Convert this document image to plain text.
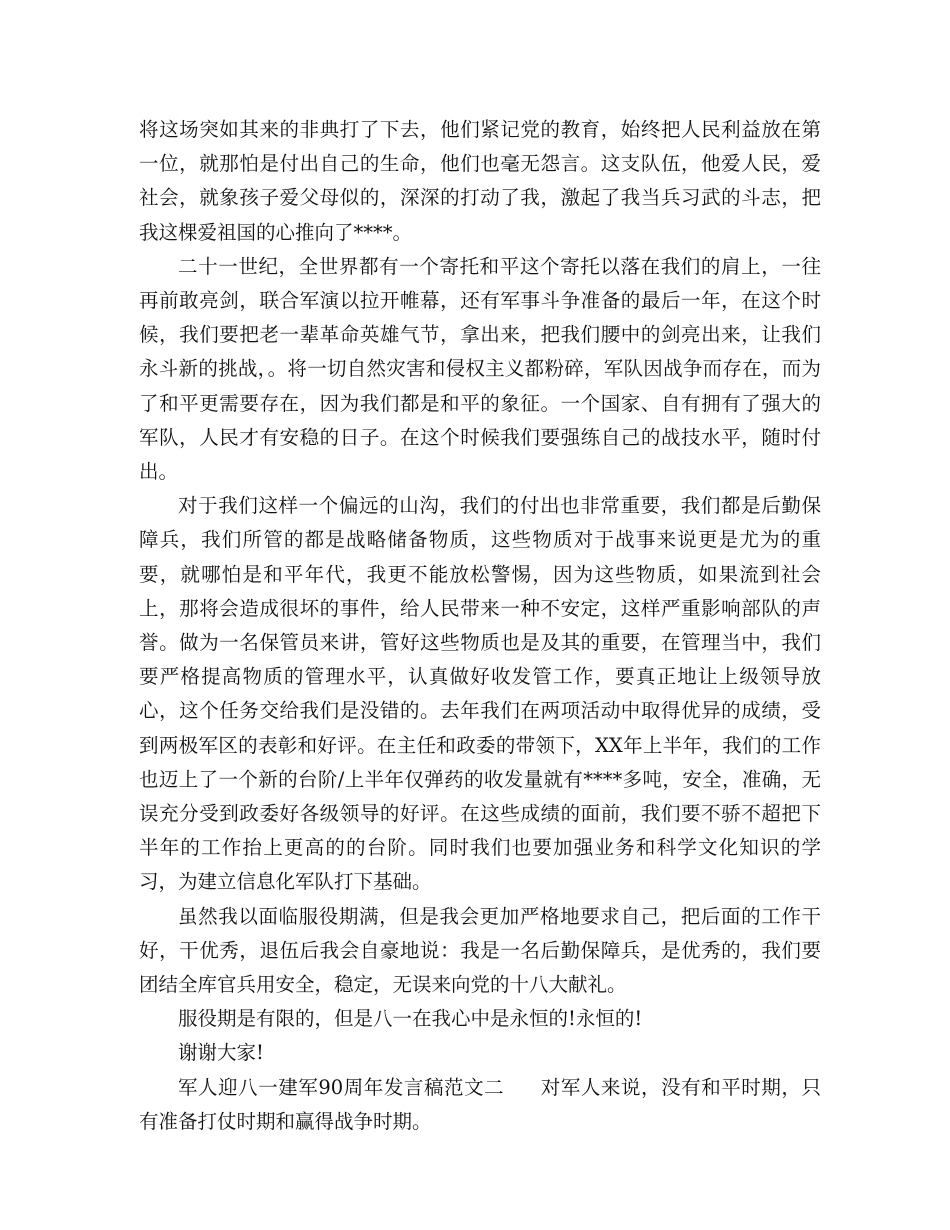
将这场突如其来的非典打了下去，他们紧记党的教育，始终把人民利益放在第一位，就那怕是付出自己的生命，他们也毫无怨言。这支队伍，他爱人民，爱社会，就象孩子爱父母似的，深深的打动了我，激起了我当兵习武的斗志，把我这棵爱祖国的心推向了****。

二十一世纪，全世界都有一个寄托和平这个寄托以落在我们的肩上，一往再前敢亮剑，联合军演以拉开帷幕，还有军事斗争准备的最后一年，在这个时候，我们要把老一辈革命英雄气节，拿出来，把我们腰中的剑亮出来，让我们永斗新的挑战，。将一切自然灾害和侵权主义都粉碎，军队因战争而存在，而为了和平更需要存在，因为我们都是和平的象征。一个国家、自有拥有了强大的军队，人民才有安稳的日子。在这个时候我们要强练自己的战技水平，随时付出。

对于我们这样一个偏远的山沟，我们的付出也非常重要，我们都是后勤保障兵，我们所管的都是战略储备物质，这些物质对于战事来说更是尤为的重要，就哪怕是和平年代，我更不能放松警惕，因为这些物质，如果流到社会上，那将会造成很坏的事件，给人民带来一种不安定，这样严重影响部队的声誉。做为一名保管员来讲，管好这些物质也是及其的重要，在管理当中，我们要严格提高物质的管理水平，认真做好收发管工作，要真正地让上级领导放心，这个任务交给我们是没错的。去年我们在两项活动中取得优异的成绩，受到两极军区的表彰和好评。在主任和政委的带领下，XX年上半年，我们的工作也迈上了一个新的台阶/上半年仅弹药的收发量就有****多吨，安全，准确，无误充分受到政委好各级领导的好评。在这些成绩的面前，我们要不骄不超把下半年的工作抬上更高的的台阶。同时我们也要加强业务和科学文化知识的学习，为建立信息化军队打下基础。

虽然我以面临服役期满，但是我会更加严格地要求自己，把后面的工作干好，干优秀，退伍后我会自豪地说：我是一名后勤保障兵，是优秀的，我们要团结全库官兵用安全，稳定，无误来向党的十八大献礼。

服役期是有限的，但是八一在我心中是永恒的!永恒的!

谢谢大家!

军人迎八一建军90周年发言稿范文二 对军人来说，没有和平时期，只有准备打仗时期和赢得战争时期。
